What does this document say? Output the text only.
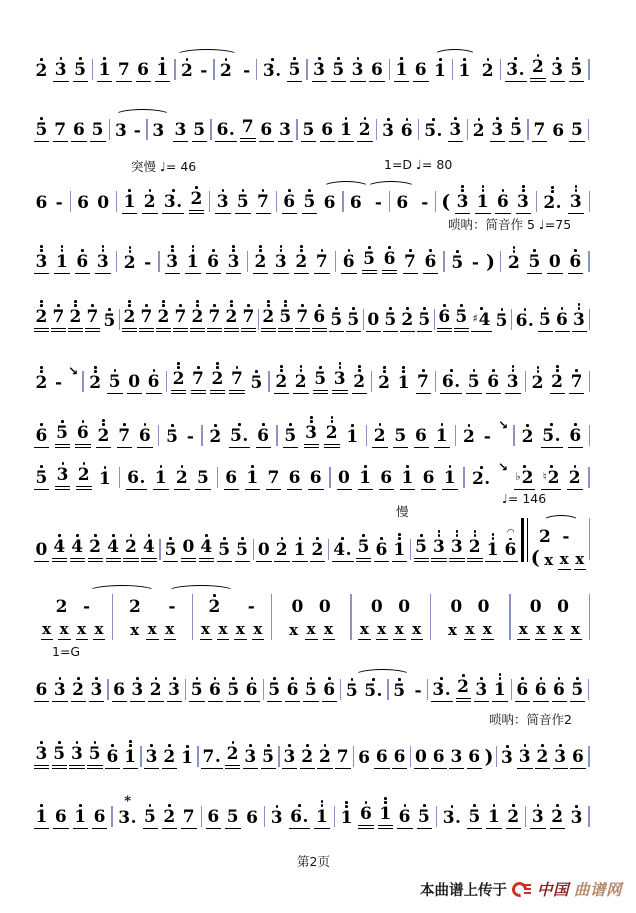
2 3 5 1 7 6 1 2 - 2 - 3. 5 3 5 3 6 1 6 1 1 2 3. 2 3 5
5 7 6 5 3 - 3 3 5 6. 7 6 3 5 6 1 2 3 6 5. 3 2 3 5 7 6 5
6 - 6 0 1 2 3. 2 3 5 7 6 5 6 6 - 6 - ( 3 1 6 3 2. 3
3 1 6 3 2 - 3 1 6 3 2 3 2 7 6 5 6 7 6 5 - ) 2 5 0 6
2 7 2 7 5 2 7 2 7 2 7 2 7 2 5 7 6 5 5 0 5 2 5 6 5 ♯4 5 6. 5 6 3
2 -
↘
2 5 0 6 2 7 2 7 5 2 2 5 3 2 2 1 7 6. 5 6 3 2 2 7
6 5 6 2 7 6 5 - 2 5. 6 5 3 2 1 2 5 6 1 2 -
↘
2 5. 6
5 3 2 1 6. 1 2 5 6 1 7 6 6 0 1 6 1 6 1 2.
↘
♭2 ♮2 2
0 4 4 2 4 2 4 5 0 4 5 5 0 2 1 2 4. 5 6 1 5 3 3 2 1
◠
6
2 -
( x x x
2 -
x x x x
2 -
x x x
2 -
x x x x
0 0
x x x
0 0
x x x x
0 0
x x x
0 0
x x x x
6 3 2 3 6 3 2 3 5 6 5 6 5 6 5 6 5 5. 5 - 3. 2 3 1 6 6 6 5
3 5 3 5 6 1 3 2 1 7. 2 3 5 3 2 2 7 6 6 6 0 6 3 6 ) 3 3 2 3 6
1 6 1 6
*
3. 5 2 7 6 5 6 3 6. 1 1 6 1 6 5 3. 5 1 2 3 2 3
突慢 ♩= 46	1=D ♩= 80
唢呐：简音作 5 ♩=75
慢
♩= 146
1=G
唢呐：简音作2
第2页
本曲谱上传于 中国 曲谱网
